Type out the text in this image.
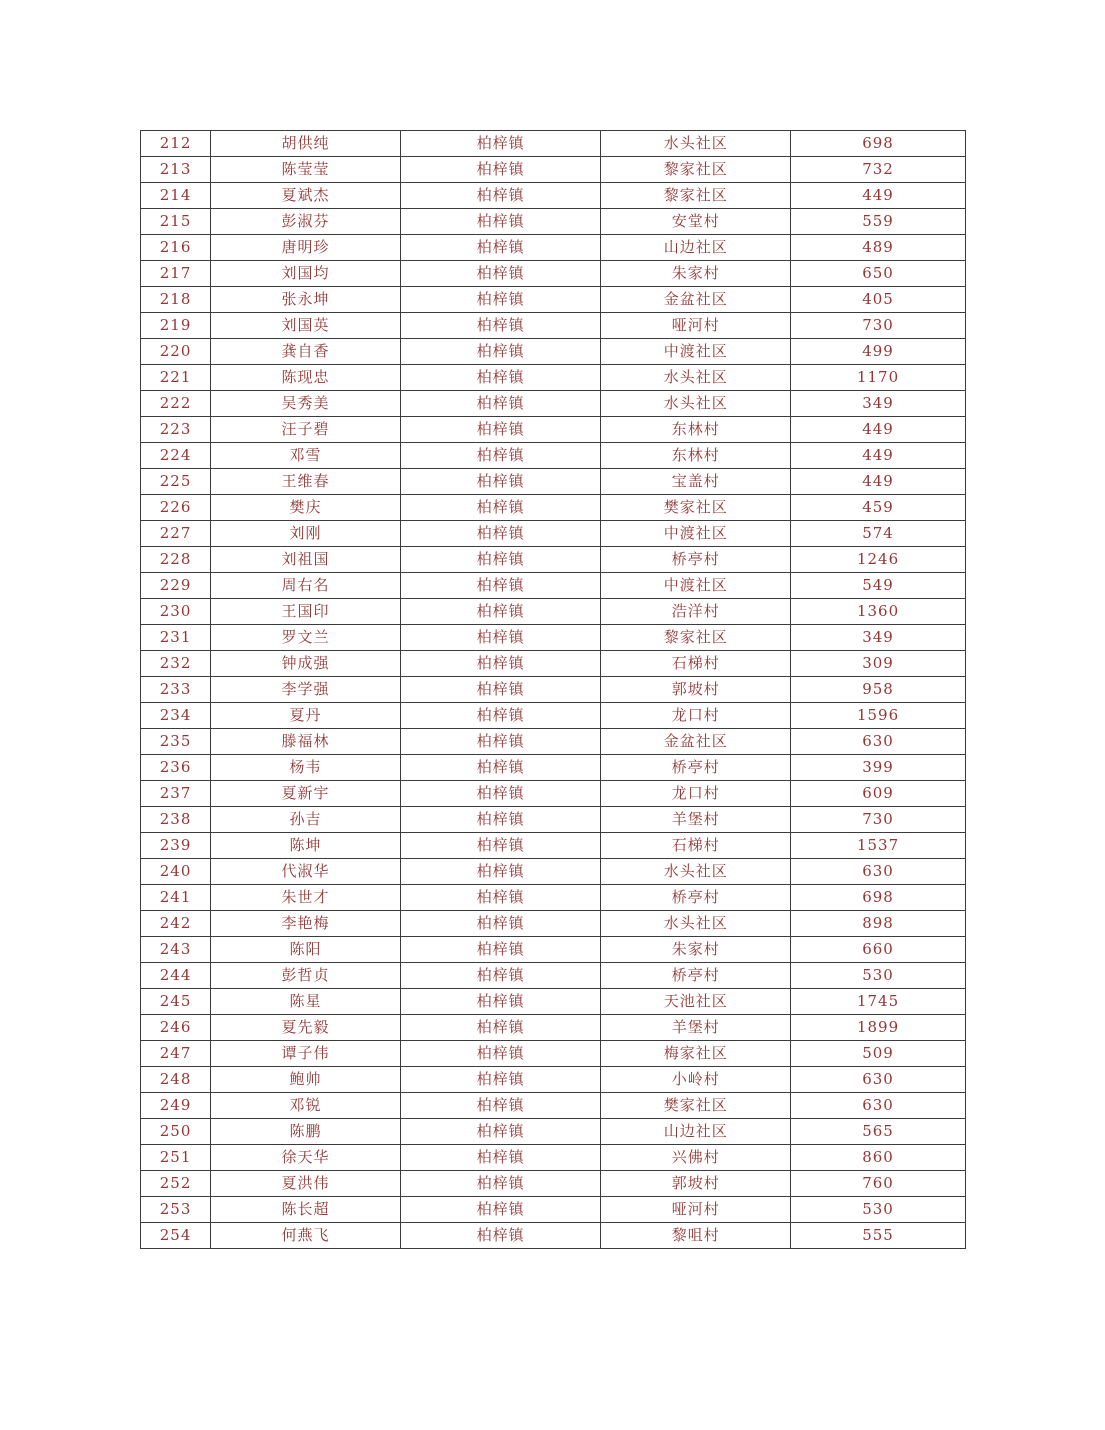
212	胡供纯	柏梓镇	水头社区	698
213	陈莹莹	柏梓镇	黎家社区	732
214	夏斌杰	柏梓镇	黎家社区	449
215	彭淑芬	柏梓镇	安堂村	559
216	唐明珍	柏梓镇	山边社区	489
217	刘国均	柏梓镇	朱家村	650
218	张永坤	柏梓镇	金盆社区	405
219	刘国英	柏梓镇	哑河村	730
220	龚自香	柏梓镇	中渡社区	499
221	陈现忠	柏梓镇	水头社区	1170
222	吴秀美	柏梓镇	水头社区	349
223	汪子碧	柏梓镇	东林村	449
224	邓雪	柏梓镇	东林村	449
225	王维春	柏梓镇	宝盖村	449
226	樊庆	柏梓镇	樊家社区	459
227	刘刚	柏梓镇	中渡社区	574
228	刘祖国	柏梓镇	桥亭村	1246
229	周右名	柏梓镇	中渡社区	549
230	王国印	柏梓镇	浩洋村	1360
231	罗文兰	柏梓镇	黎家社区	349
232	钟成强	柏梓镇	石梯村	309
233	李学强	柏梓镇	郭坡村	958
234	夏丹	柏梓镇	龙口村	1596
235	滕福林	柏梓镇	金盆社区	630
236	杨韦	柏梓镇	桥亭村	399
237	夏新宇	柏梓镇	龙口村	609
238	孙吉	柏梓镇	羊堡村	730
239	陈坤	柏梓镇	石梯村	1537
240	代淑华	柏梓镇	水头社区	630
241	朱世才	柏梓镇	桥亭村	698
242	李艳梅	柏梓镇	水头社区	898
243	陈阳	柏梓镇	朱家村	660
244	彭哲贞	柏梓镇	桥亭村	530
245	陈星	柏梓镇	天池社区	1745
246	夏先毅	柏梓镇	羊堡村	1899
247	谭子伟	柏梓镇	梅家社区	509
248	鲍帅	柏梓镇	小岭村	630
249	邓锐	柏梓镇	樊家社区	630
250	陈鹏	柏梓镇	山边社区	565
251	徐天华	柏梓镇	兴佛村	860
252	夏洪伟	柏梓镇	郭坡村	760
253	陈长超	柏梓镇	哑河村	530
254	何燕飞	柏梓镇	黎咀村	555
